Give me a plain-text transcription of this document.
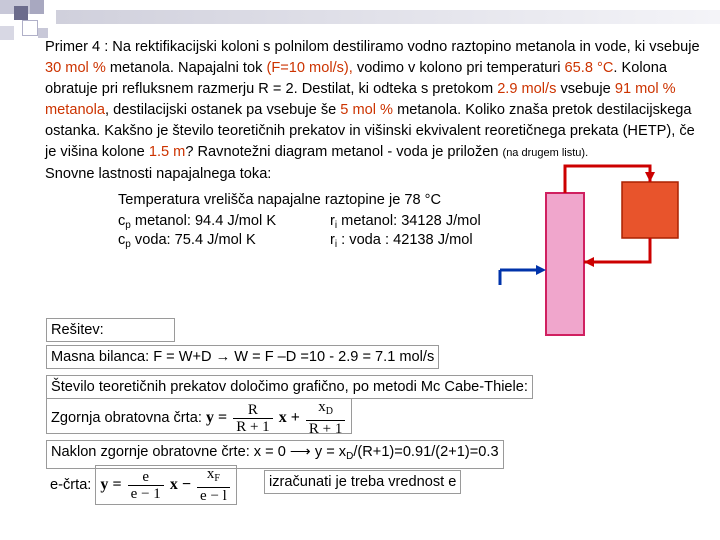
Primer 4 : Na rektifikacijski koloni s polnilom destiliramo vodno raztopino metanola in vode, ki vsebuje 30 mol % metanola. Napajalni tok (F=10 mol/s), vodimo v kolono pri temperaturi 65.8 °C. Kolona obratuje pri refluksnem razmerju R = 2. Destilat, ki odteka s pretokom 2.9 mol/s vsebuje 91 mol % metanola, destilacijski ostanek pa vsebuje še 5 mol % metanola. Koliko znaša pretok destilacijskega ostanka. Kakšno je število teoretičnih prekatov in višinski ekvivalent reoretičnega prekata (HETP), če je višina kolone 1.5 m? Ravnotežni diagram metanol - voda je priložen (na drugem listu).

Snovne lastnosti napajalnega toka:

Temperatura vrelišča napajalne raztopine je 78 °C
$c_p$ metanol: 94.4 J/mol K	$r_i$ metanol: 34128 J/mol
$c_p$ voda: 75.4 J/mol K	$r_i$ : voda : 42138 J/mol
Rešitev:
Masna bilanca: F = W+D → W = F –D =10 - 2.9 = 7.1 mol/s
Število teoretičnih prekatov določimo grafično, po metodi Mc Cabe-Thiele:
Zgornja obratovna črta: $y = \frac{R}{R + 1}$ $x + \frac{x_D}{R + 1}$
Naklon zgornje obratovne črte: x = 0 ⟶ $y = x_D/(R+1)=0.91/(2+1)=0.3$
e-črta: $y = \frac{e}{e - 1}$ $x - \frac{x_F}{e - l}$	izračunati je treba vrednost e
